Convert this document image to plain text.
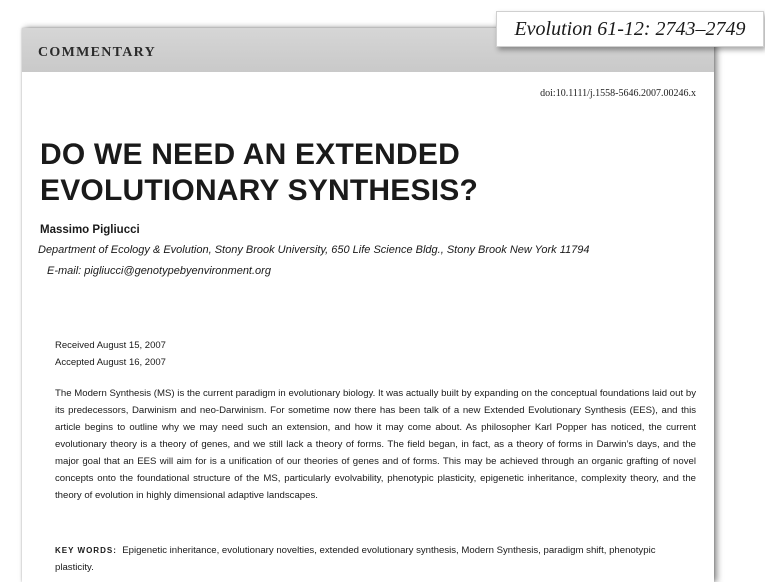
COMMENTARY
doi:10.1111/j.1558-5646.2007.00246.x
DO WE NEED AN EXTENDED EVOLUTIONARY SYNTHESIS?
Massimo Pigliucci
Department of Ecology & Evolution, Stony Brook University, 650 Life Science Bldg., Stony Brook New York 11794
E-mail: pigliucci@genotypebyenvironment.org
Received August 15, 2007
Accepted August 16, 2007

The Modern Synthesis (MS) is the current paradigm in evolutionary biology. It was actually built by expanding on the conceptual foundations laid out by its predecessors, Darwinism and neo-Darwinism. For sometime now there has been talk of a new Extended Evolutionary Synthesis (EES), and this article begins to outline why we may need such an extension, and how it may come about. As philosopher Karl Popper has noticed, the current evolutionary theory is a theory of genes, and we still lack a theory of forms. The field began, in fact, as a theory of forms in Darwin’s days, and the major goal that an EES will aim for is a unification of our theories of genes and of forms. This may be achieved through an organic grafting of novel concepts onto the foundational structure of the MS, particularly evolvability, phenotypic plasticity, epigenetic inheritance, complexity theory, and the theory of evolution in highly dimensional adaptive landscapes.

KEY WORDS: Epigenetic inheritance, evolutionary novelties, extended evolutionary synthesis, Modern Synthesis, paradigm shift, phenotypic plasticity.

Evolution 61-12: 2743–2749
